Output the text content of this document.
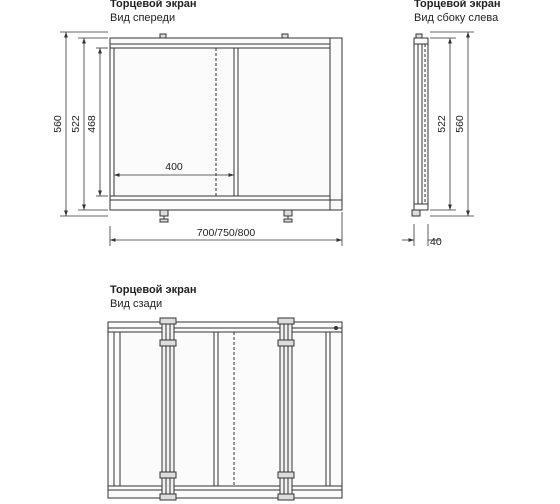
Торцевой экран
Вид спереди
Торцевой экран
Вид сбоку слева
Торцевой экран
Вид сзади
560 522 468
400
700/750/800
522 560
40
